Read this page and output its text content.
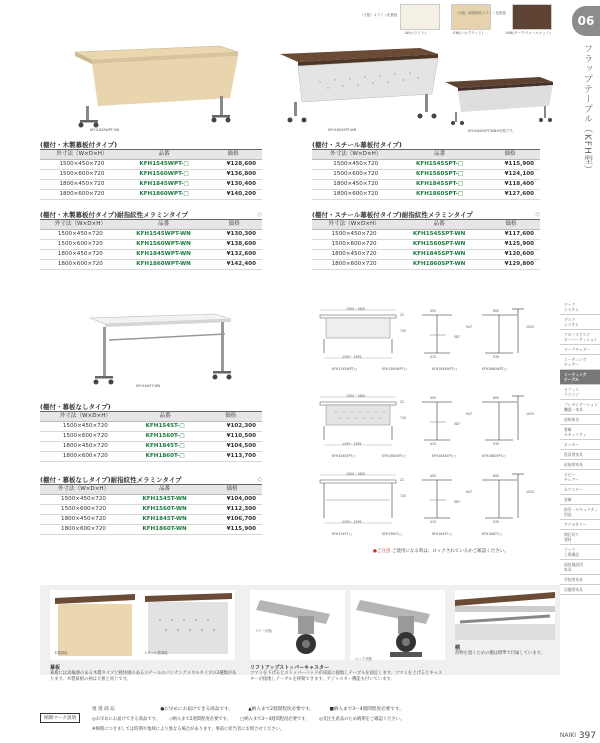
（天板）メラミン化粧板
-W(ホワイト)	-SW(シルクウッド)
（天板）耐指紋性メラミン化粧板
-WN(ダークウォールナット)
06
フラップテーブル（KFH型）
KFH1845WPT-SW	KFH1845SPT-WN	KFH1845SPT-WN※同型です。
(棚付・木製幕板付タイプ)
外寸法（W×D×H）	品番	価格
1500×450×720	KFH1545WPT-□	¥128,600
1500×600×720	KFH1560WPT-□	¥136,800
1800×450×720	KFH1845WPT-□	¥130,400
1800×600×720	KFH1860WPT-□	¥140,200
(棚付・木製幕板付タイプ)耐指紋性メラミンタイプ	◇
外寸法（W×D×H）	品番	価格
1500×450×720	KFH1545WPT-WN	¥130,300
1500×600×720	KFH1560WPT-WN	¥138,600
1800×450×720	KFH1845WPT-WN	¥132,600
1800×600×720	KFH1860WPT-WN	¥142,400
(棚付・スチール幕板付タイプ)
外寸法（W×D×H）	品番	価格
1500×450×720	KFH1545SPT-□	¥115,900
1500×600×720	KFH1560SPT-□	¥124,100
1800×450×720	KFH1845SPT-□	¥118,400
1800×600×720	KFH1860SPT-□	¥127,600
(棚付・スチール幕板付タイプ)耐指紋性メラミンタイプ	◇
外寸法（W×D×H）	品番	価格
1500×450×720	KFH1545SPT-WN	¥117,600
1500×600×720	KFH1560SPT-WN	¥125,900
1800×450×720	KFH1845SPT-WN	¥120,600
1800×600×720	KFH1860SPT-WN	¥129,800
KFH1845T-WN
(棚付・幕板なしタイプ)
外寸法（W×D×H）	品番	価格
1500×450×720	KFH1545T-□	¥102,300
1500×600×720	KFH1560T-□	¥110,500
1800×450×720	KFH1845T-□	¥104,500
1800×600×720	KFH1860T-□	¥113,700
(棚付・幕板なしタイプ)耐指紋性メラミンタイプ	◇
外寸法（W×D×H）	品番	価格
1500×450×720	KFH1545T-WN	¥104,000
1500×600×720	KFH1560T-WN	¥112,300
1800×450×720	KFH1845T-WN	¥106,700
1800×600×720	KFH1860T-WN	¥115,900
1500・1800
1295・1595
22
720
450
415
587
947
600
530
1025
KFH1545WPT-□	KFH1560WPT-□	KFH1845WPT-□	KFH1860WPT-□
1500・1800
1295・1595
22
720
450
415
587
947
600
530
1025
KFH1545SPT-□	KFH1560SPT-□	KFH1845SPT-□	KFH1860SPT-□
1500・1800
1295・1595
22
720
450
415
587
947
600
530
1025
KFH1545T-□	KFH1560T-□	KFH1845T-□	KFH1860T-□
●ご注意 ご使用になる時は、ロックされているかご確認ください。
ワーク
システム
デスク
システム
クローズデスク
ローパーティション
ワークチェアー
ミーティング
チェアー
ミーティング
テーブル
オフィス
ラウンジ
プレゼンテーション
機器・家具
収納家具
書庫
セキュリティ
ロッカー
役員用家具
応接用家具
ロビー
チェアー
カウンター
金庫
防災・セキュリティ
用品
アクセサリー
間仕切り
建材
ラック
工場備品
福祉施設用
家具
学校用家具
店舗用家具
木製幕板	スチール製幕板
フリー状態
ロック状態
幕板
幕板には高級感のある木製タイプと軽快感のあるスチールのパンチングメタルタイプの2種類があります。木製幕板の柄は天板と同じです。
リフトアップストッパーキャスター
ツマミを下げるとストッパーパッドが床面に接地しテーブルを固定します。ツマミを上げるとキャスターが接地しテーブルを移動できます。アジャスター機能も付いています。
棚
荷物を置くための棚は標準で付属しています。
納期マーク説明
推 奨 商 品	●お早めにお届けできる商品です。	▲納入まで2週間程度必要です。	■納入まで3～4週間程度必要です。
◎お早めにお届けできる商品です。 ◇納入まで2週間程度必要です。 □納入まで3～4週間程度必要です。 ◎受注生産品のため納期をご確認ください。
※納期につきましては時期や地域により異なる場合があります。事前に担当者にお問合せください。
NAIKI 397
